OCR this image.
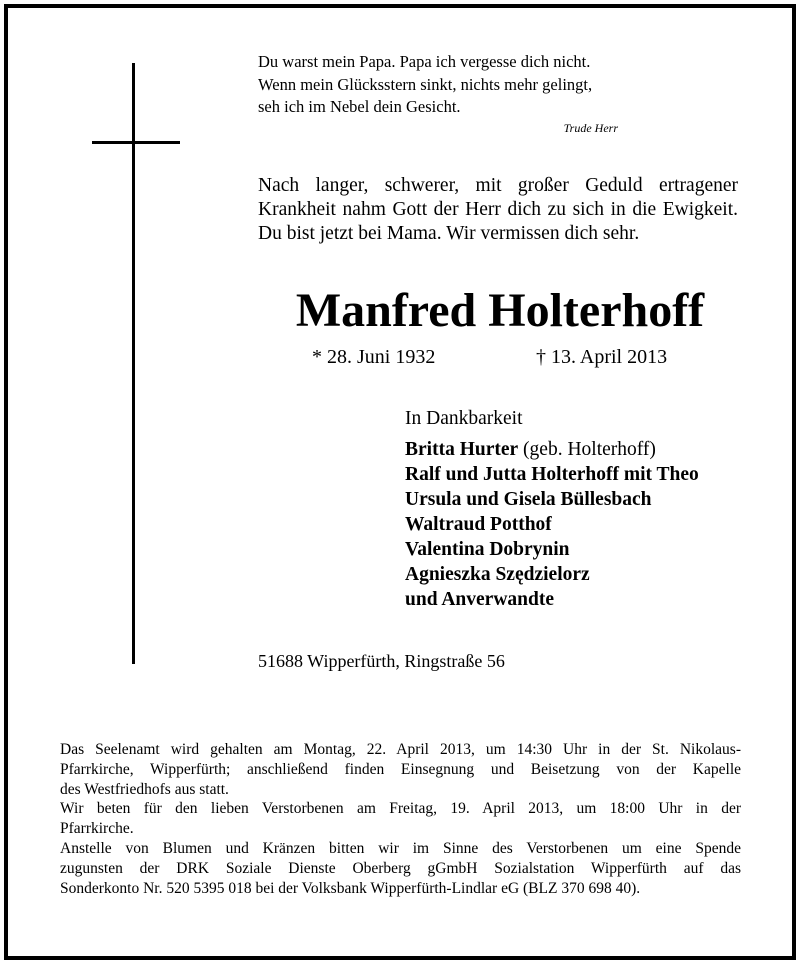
Du warst mein Papa. Papa ich vergesse dich nicht.
Wenn mein Glücksstern sinkt, nichts mehr gelingt,
seh ich im Nebel dein Gesicht.
Trude Herr
Nach langer, schwerer, mit großer Geduld ertragener
Krankheit nahm Gott der Herr dich zu sich in die Ewigkeit.
Du bist jetzt bei Mama. Wir vermissen dich sehr.
Manfred Holterhoff
* 28. Juni 1932	† 13. April 2013
In Dankbarkeit
Britta Hurter (geb. Holterhoff)
Ralf und Jutta Holterhoff mit Theo
Ursula und Gisela Büllesbach
Waltraud Potthof
Valentina Dobrynin
Agnieszka Szędzielorz
und Anverwandte
51688 Wipperfürth, Ringstraße 56
Das Seelenamt wird gehalten am Montag, 22. April 2013, um 14:30 Uhr in der St. Nikolaus-
Pfarrkirche, Wipperfürth; anschließend finden Einsegnung und Beisetzung von der Kapelle
des Westfriedhofs aus statt.
Wir beten für den lieben Verstorbenen am Freitag, 19. April 2013, um 18:00 Uhr in der
Pfarrkirche.
Anstelle von Blumen und Kränzen bitten wir im Sinne des Verstorbenen um eine Spende
zugunsten der DRK Soziale Dienste Oberberg gGmbH Sozialstation Wipperfürth auf das
Sonderkonto Nr. 520 5395 018 bei der Volksbank Wipperfürth-Lindlar eG (BLZ 370 698 40).
